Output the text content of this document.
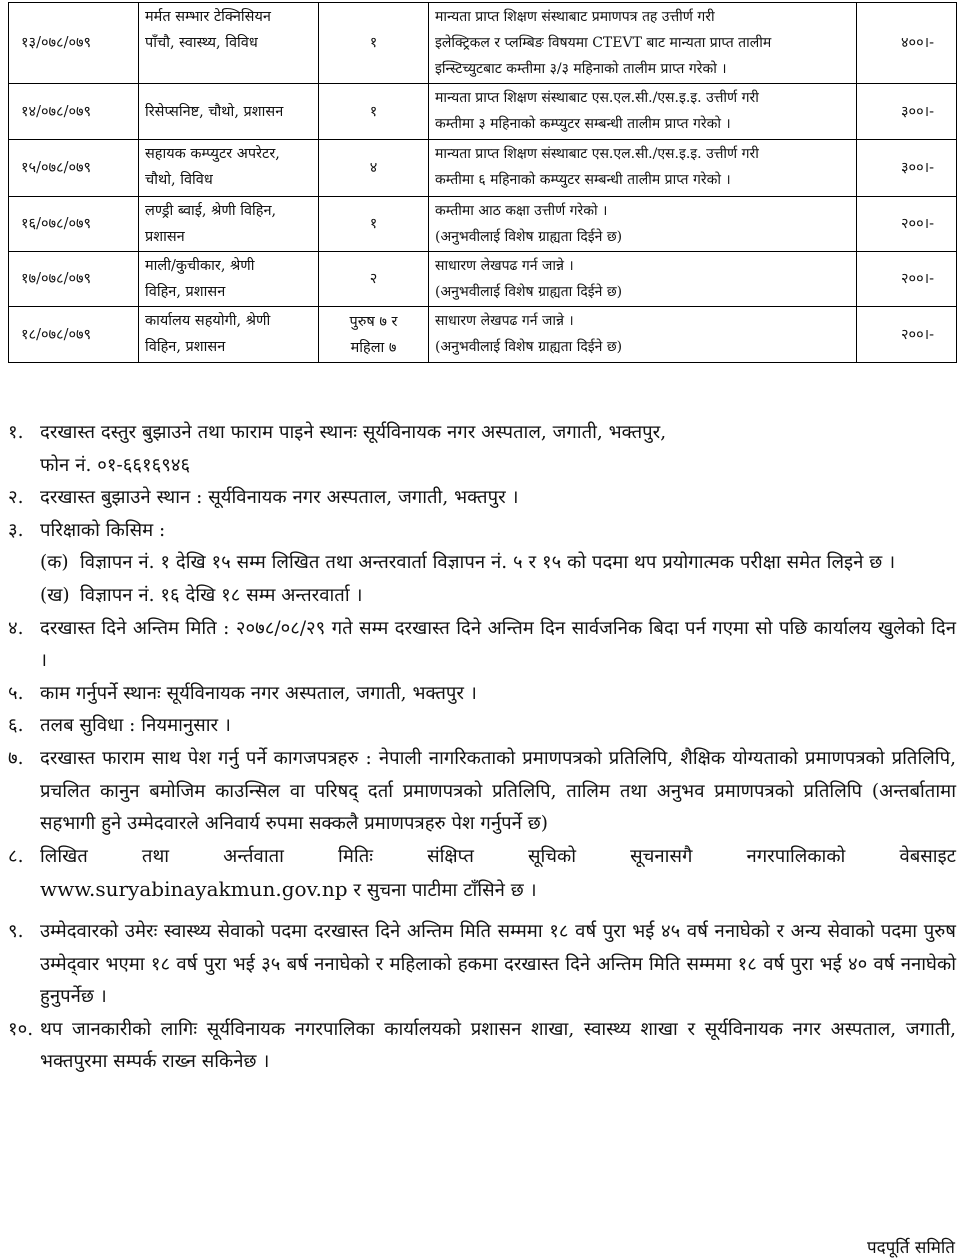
१३/०७८/०७९	मर्मत सम्भार टेक्निसियन
पाँचौ, स्वास्थ्य, विविध	१	मान्यता प्राप्त शिक्षण संस्थाबाट प्रमाणपत्र तह उत्तीर्ण गरी
इलेक्ट्रिकल र प्लम्बिङ विषयमा CTEVT बाट मान्यता प्राप्त तालीम
इन्स्टिच्युटबाट कम्तीमा ३/३ महिनाको तालीम प्राप्त गरेको ।	४००।-
१४/०७८/०७९	रिसेप्सनिष्ट, चौथो, प्रशासन	१	मान्यता प्राप्त शिक्षण संस्थाबाट एस.एल.सी./एस.इ.इ. उत्तीर्ण गरी
कम्तीमा ३ महिनाको कम्प्युटर सम्बन्धी तालीम प्राप्त गरेको ।	३००।-
१५/०७८/०७९	सहायक कम्प्युटर अपरेटर,
चौथो, विविध	४	मान्यता प्राप्त शिक्षण संस्थाबाट एस.एल.सी./एस.इ.इ. उत्तीर्ण गरी
कम्तीमा ६ महिनाको कम्प्युटर सम्बन्धी तालीम प्राप्त गरेको ।	३००।-
१६/०७८/०७९	लण्ड्री ब्वाई, श्रेणी विहिन,
प्रशासन	१	कम्तीमा आठ कक्षा उत्तीर्ण गरेको ।
(अनुभवीलाई विशेष ग्राह्यता दिईने छ)	२००।-
१७/०७८/०७९	माली/कुचीकार, श्रेणी
विहिन, प्रशासन	२	साधारण लेखपढ गर्न जान्ने ।
(अनुभवीलाई विशेष ग्राह्यता दिईने छ)	२००।-
१८/०७८/०७९	कार्यालय सहयोगी, श्रेणी
विहिन, प्रशासन	पुरुष ७ र
महिला ७	साधारण लेखपढ गर्न जान्ने ।
(अनुभवीलाई विशेष ग्राह्यता दिईने छ)	२००।-
१. दरखास्त दस्तुर बुझाउने तथा फाराम पाइने स्थानः सूर्यविनायक नगर अस्पताल, जगाती, भक्तपुर,
फोन नं. ०१-६६१६९४६
२. दरखास्त बुझाउने स्थान : सूर्यविनायक नगर अस्पताल, जगाती, भक्तपुर ।
३. परिक्षाको किसिम :
(क) विज्ञापन नं. १ देखि १५ सम्म लिखित तथा अन्तरवार्ता विज्ञापन नं. ५ र १५ को पदमा थप प्रयोगात्मक परीक्षा समेत लिइने छ ।
(ख) विज्ञापन नं. १६ देखि १८ सम्म अन्तरवार्ता ।
४. दरखास्त दिने अन्तिम मिति : २०७८/०८/२९ गते सम्म दरखास्त दिने अन्तिम दिन सार्वजनिक बिदा पर्न गएमा सो पछि कार्यालय खुलेको दिन ।
५. काम गर्नुपर्ने स्थानः सूर्यविनायक नगर अस्पताल, जगाती, भक्तपुर ।
६. तलब सुविधा : नियमानुसार ।
७. दरखास्त फाराम साथ पेश गर्नु पर्ने कागजपत्रहरु : नेपाली नागरिकताको प्रमाणपत्रको प्रतिलिपि, शैक्षिक योग्यताको प्रमाणपत्रको प्रतिलिपि, प्रचलित कानुन बमोजिम काउन्सिल वा परिषद् दर्ता प्रमाणपत्रको प्रतिलिपि, तालिम तथा अनुभव प्रमाणपत्रको प्रतिलिपि (अन्तर्बातामा सहभागी हुने उम्मेदवारले अनिवार्य रुपमा सक्कलै प्रमाणपत्रहरु पेश गर्नुपर्ने छ)
८. लिखित तथा अर्न्तवाता मितिः संक्षिप्त सूचिको सूचनासगै नगरपालिकाको वेबसाइट
www.suryabinayakmun.gov.np र सुचना पाटीमा टाँसिने छ ।
९. उम्मेदवारको उमेरः स्वास्थ्य सेवाको पदमा दरखास्त दिने अन्तिम मिति सम्ममा १८ वर्ष पुरा भई ४५ वर्ष ननाघेको र अन्य सेवाको पदमा पुरुष उम्मेद्‌वार भएमा १८ वर्ष पुरा भई ३५ बर्ष ननाघेको र महिलाको हकमा दरखास्त दिने अन्तिम मिति सम्ममा १८ वर्ष पुरा भई ४० वर्ष ननाघेको हुनुपर्नेछ ।
१०. थप जानकारीको लागिः सूर्यविनायक नगरपालिका कार्यालयको प्रशासन शाखा, स्वास्थ्य शाखा र सूर्यविनायक नगर अस्पताल, जगाती, भक्तपुरमा सम्पर्क राख्न सकिनेछ ।
पदपूर्ति समिति
